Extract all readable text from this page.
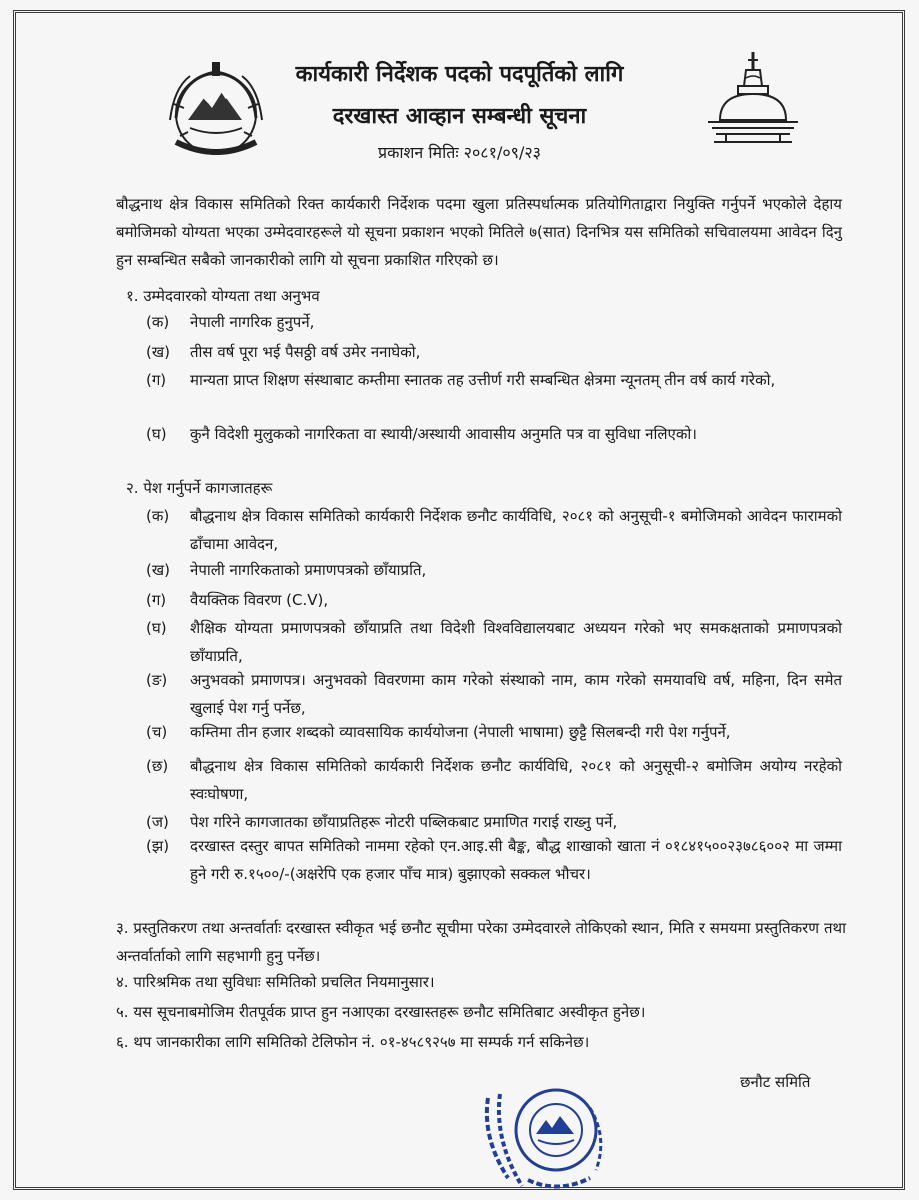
कार्यकारी निर्देशक पदको पदपूर्तिको लागि
दरखास्त आव्हान सम्बन्धी सूचना
प्रकाशन मितिः २०८१/०९/२३
बौद्धनाथ क्षेत्र विकास समितिको रिक्त कार्यकारी निर्देशक पदमा खुला प्रतिस्पर्धात्मक प्रतियोगिताद्वारा नियुक्ति गर्नुपर्ने भएकोले देहाय बमोजिमको योग्यता भएका उम्मेदवारहरूले यो सूचना प्रकाशन भएको मितिले ७(सात) दिनभित्र यस समितिको सचिवालयमा आवेदन दिनु हुन सम्बन्धित सबैको जानकारीको लागि यो सूचना प्रकाशित गरिएको छ।
१. उम्मेदवारको योग्यता तथा अनुभव
(क)	नेपाली नागरिक हुनुपर्ने,
(ख)	तीस वर्ष पूरा भई पैसठ्ठी वर्ष उमेर ननाघेको,
(ग)	मान्यता प्राप्त शिक्षण संस्थाबाट कम्तीमा स्नातक तह उत्तीर्ण गरी सम्बन्धित क्षेत्रमा न्यूनतम् तीन वर्ष कार्य गरेको,
(घ)	कुनै विदेशी मुलुकको नागरिकता वा स्थायी/अस्थायी आवासीय अनुमति पत्र वा सुविधा नलिएको।
२. पेश गर्नुपर्ने कागजातहरू
(क)	बौद्धनाथ क्षेत्र विकास समितिको कार्यकारी निर्देशक छनौट कार्यविधि, २०८१ को अनुसूची-१ बमोजिमको आवेदन फारामको ढाँचामा आवेदन,
(ख)	नेपाली नागरिकताको प्रमाणपत्रको छाँयाप्रति,
(ग)	वैयक्तिक विवरण (C.V),
(घ)	शैक्षिक योग्यता प्रमाणपत्रको छाँयाप्रति तथा विदेशी विश्वविद्यालयबाट अध्ययन गरेको भए समकक्षताको प्रमाणपत्रको छाँयाप्रति,
(ङ)	अनुभवको प्रमाणपत्र। अनुभवको विवरणमा काम गरेको संस्थाको नाम, काम गरेको समयावधि वर्ष, महिना, दिन समेत खुलाई पेश गर्नु पर्नेछ,
(च)	कम्तिमा तीन हजार शब्दको व्यावसायिक कार्ययोजना (नेपाली भाषामा) छुट्टै सिलबन्दी गरी पेश गर्नुपर्ने,
(छ)	बौद्धनाथ क्षेत्र विकास समितिको कार्यकारी निर्देशक छनौट कार्यविधि, २०८१ को अनुसूची-२ बमोजिम अयोग्य नरहेको स्वःघोषणा,
(ज)	पेश गरिने कागजातका छाँयाप्रतिहरू नोटरी पब्लिकबाट प्रमाणित गराई राख्नु पर्ने,
(झ)	दरखास्त दस्तुर बापत समितिको नाममा रहेको एन.आइ.सी बैङ्क, बौद्ध शाखाको खाता नं ०१८४१५००२३७८६००२ मा जम्मा हुने गरी रु.१५००/-(अक्षरेपि एक हजार पाँच मात्र) बुझाएको सक्कल भौचर।
३. प्रस्तुतिकरण तथा अन्तर्वार्ताः दरखास्त स्वीकृत भई छनौट सूचीमा परेका उम्मेदवारले तोकिएको स्थान, मिति र समयमा प्रस्तुतिकरण तथा अन्तर्वार्ताको लागि सहभागी हुनु पर्नेछ।
४. पारिश्रमिक तथा सुविधाः समितिको प्रचलित नियमानुसार।
५. यस सूचनाबमोजिम रीतपूर्वक प्राप्त हुन नआएका दरखास्तहरू छनौट समितिबाट अस्वीकृत हुनेछ।
६. थप जानकारीका लागि समितिको टेलिफोन नं. ०१-४५८९२५७ मा सम्पर्क गर्न सकिनेछ।
छनौट समिति
